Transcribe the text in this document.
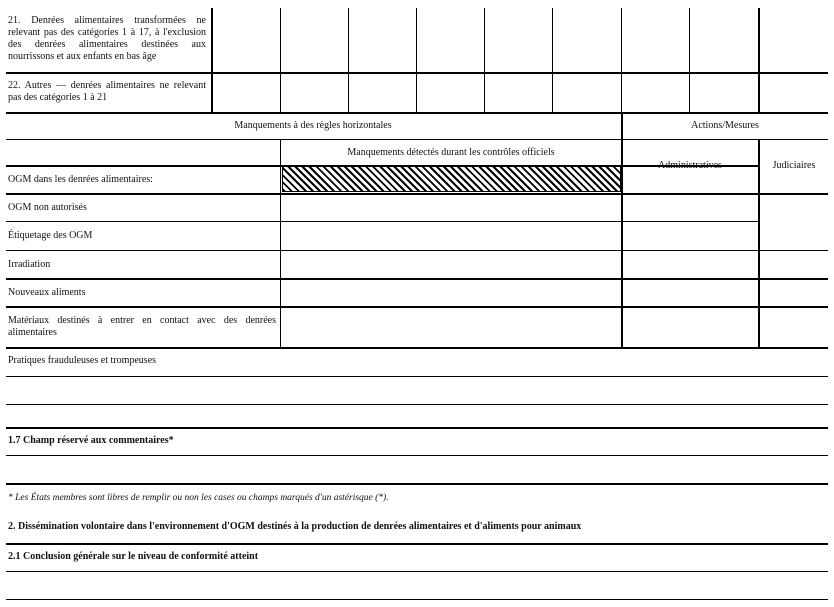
21. Denrées alimentaires transformées ne relevant pas des catégories 1 à 17, à l'exclusion des denrées alimentaires destinées aux nourrissons et aux enfants en bas âge
22. Autres — denrées alimentaires ne relevant pas des catégories 1 à 21
Manquements à des règles horizontales	Actions/Mesures
Manquements détectés durant les contrôles officiels
Administratives	Judiciaires
OGM dans les denrées alimentaires:
OGM non autorisés
Étiquetage des OGM
Irradiation
Nouveaux aliments
Matériaux destinés à entrer en contact avec des denrées alimentaires
Pratiques frauduleuses et trompeuses
1.7 Champ réservé aux commentaires*
* Les États membres sont libres de remplir ou non les cases ou champs marqués d'un astérisque (*).
2. Dissémination volontaire dans l'environnement d'OGM destinés à la production de denrées alimentaires et d'aliments pour animaux
2.1 Conclusion générale sur le niveau de conformité atteint
